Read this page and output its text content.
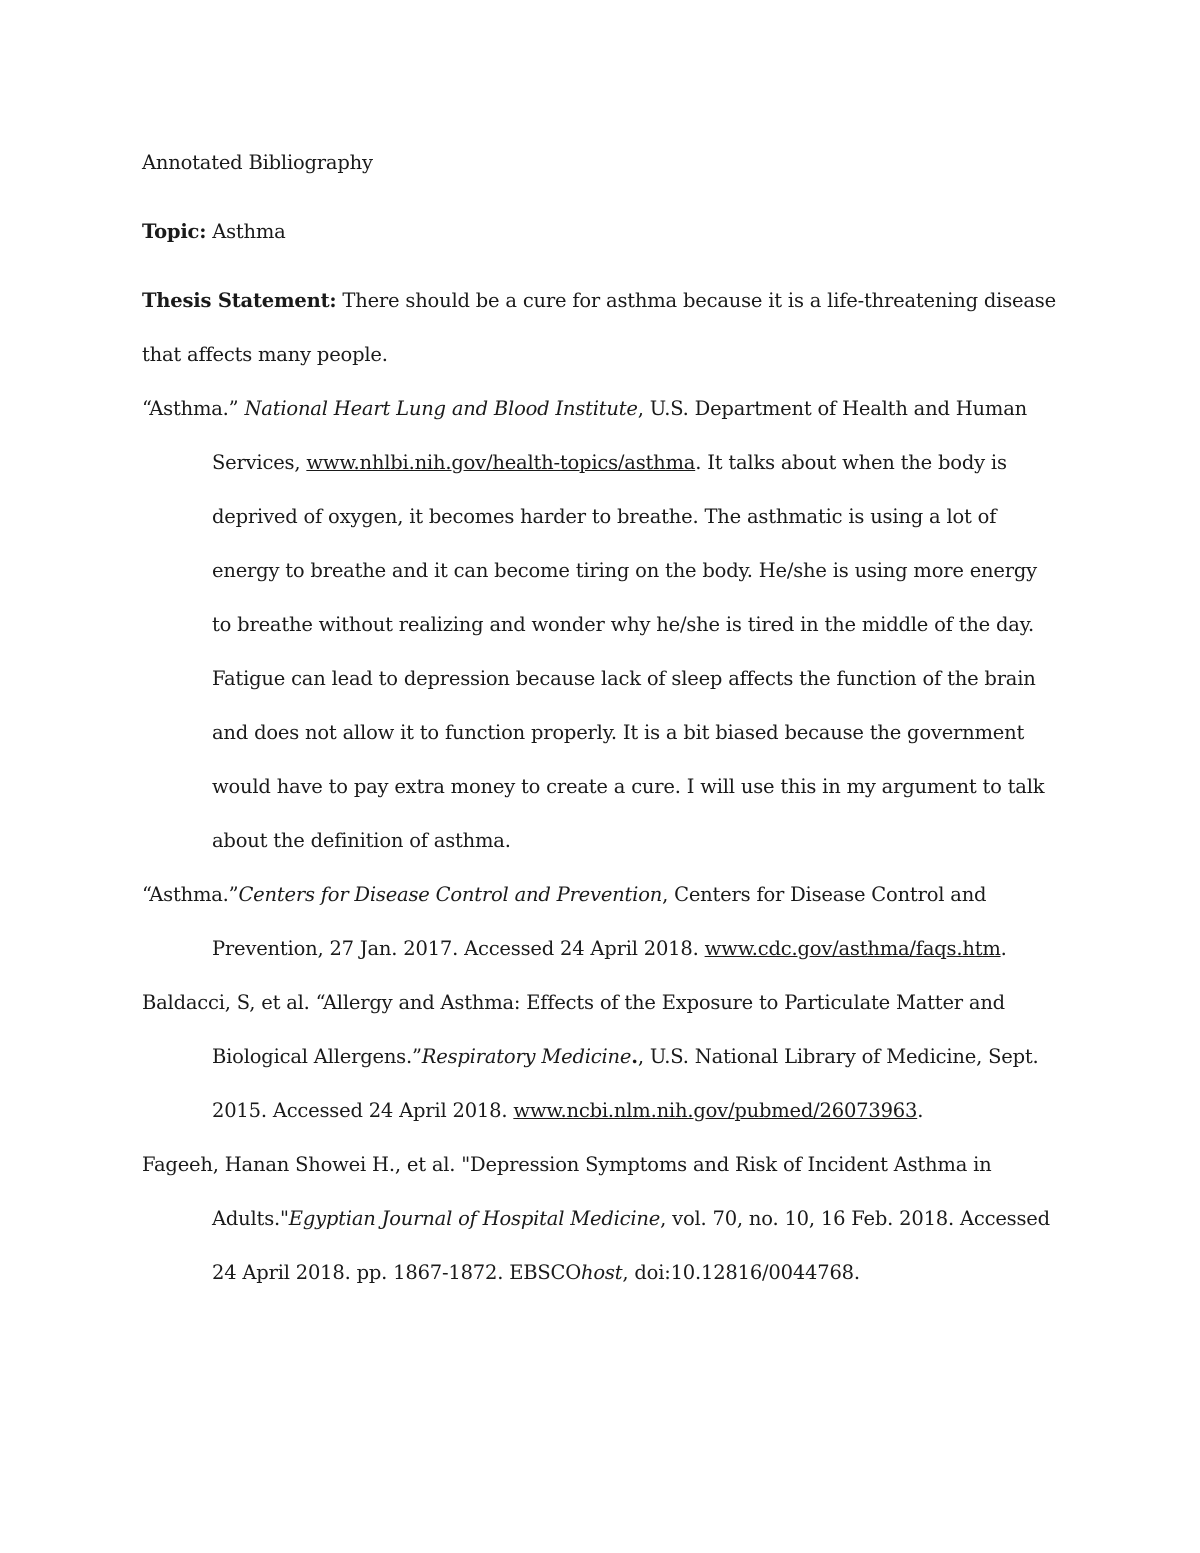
Annotated Bibliography

Topic: Asthma

Thesis Statement: There should be a cure for asthma because it is a life-threatening disease that affects many people.

“Asthma.” National Heart Lung and Blood Institute, U.S. Department of Health and Human Services, www.nhlbi.nih.gov/health-topics/asthma. It talks about when the body is deprived of oxygen, it becomes harder to breathe. The asthmatic is using a lot of energy to breathe and it can become tiring on the body. He/she is using more energy to breathe without realizing and wonder why he/she is tired in the middle of the day. Fatigue can lead to depression because lack of sleep affects the function of the brain and does not allow it to function properly. It is a bit biased because the government would have to pay extra money to create a cure. I will use this in my argument to talk about the definition of asthma.

“Asthma.”Centers for Disease Control and Prevention, Centers for Disease Control and Prevention, 27 Jan. 2017. Accessed 24 April 2018. www.cdc.gov/asthma/faqs.htm.

Baldacci, S, et al. “Allergy and Asthma: Effects of the Exposure to Particulate Matter and Biological Allergens.”Respiratory Medicine., U.S. National Library of Medicine, Sept. 2015. Accessed 24 April 2018. www.ncbi.nlm.nih.gov/pubmed/26073963.

Fageeh, Hanan Showei H., et al. "Depression Symptoms and Risk of Incident Asthma in Adults."Egyptian Journal of Hospital Medicine, vol. 70, no. 10, 16 Feb. 2018. Accessed 24 April 2018. pp. 1867-1872. EBSCOhost, doi:10.12816/0044768.
